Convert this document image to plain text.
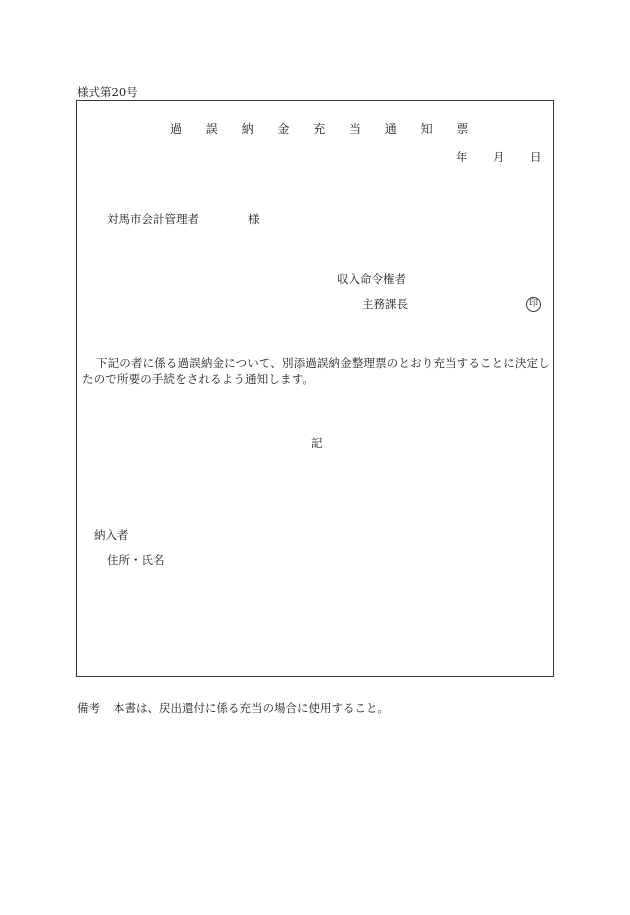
様式第20号
過	誤	納	金	充	当	通	知	票
年	月	日
対馬市会計管理者	様
収入命令権者
主務課長	印
下記の者に係る過誤納金について、別添過誤納金整理票のとおり充当することに決定したので所要の手続をされるよう通知します。
記
納入者
住所・氏名
備考 本書は、戻出還付に係る充当の場合に使用すること。
